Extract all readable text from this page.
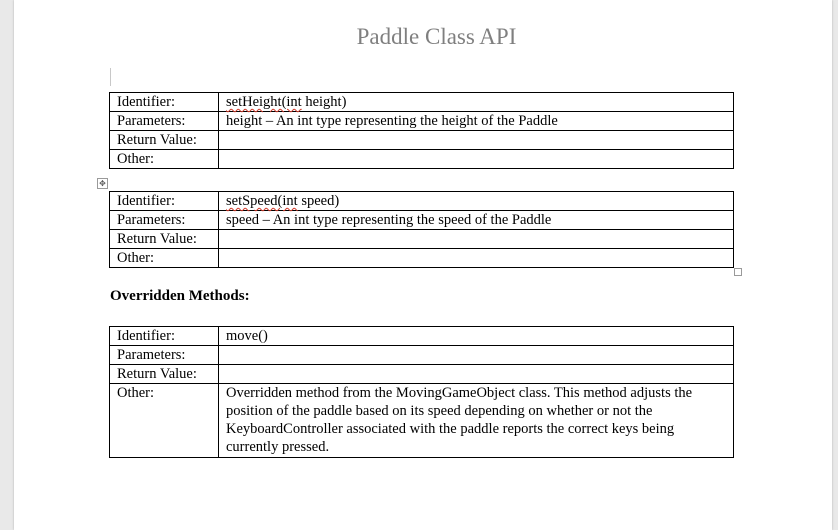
Paddle Class API
Identifier:	setHeight(int height)
Parameters:	height – An int type representing the height of the Paddle
Return Value:	
Other:	
✥
Identifier:	setSpeed(int speed)
Parameters:	speed – An int type representing the speed of the Paddle
Return Value:	
Other:	
Overridden Methods:
Identifier:	move()
Parameters:	
Return Value:	
Other:	Overridden method from the MovingGameObject class. This method adjusts the position of the paddle based on its speed depending on whether or not the KeyboardController associated with the paddle reports the correct keys being currently pressed.
